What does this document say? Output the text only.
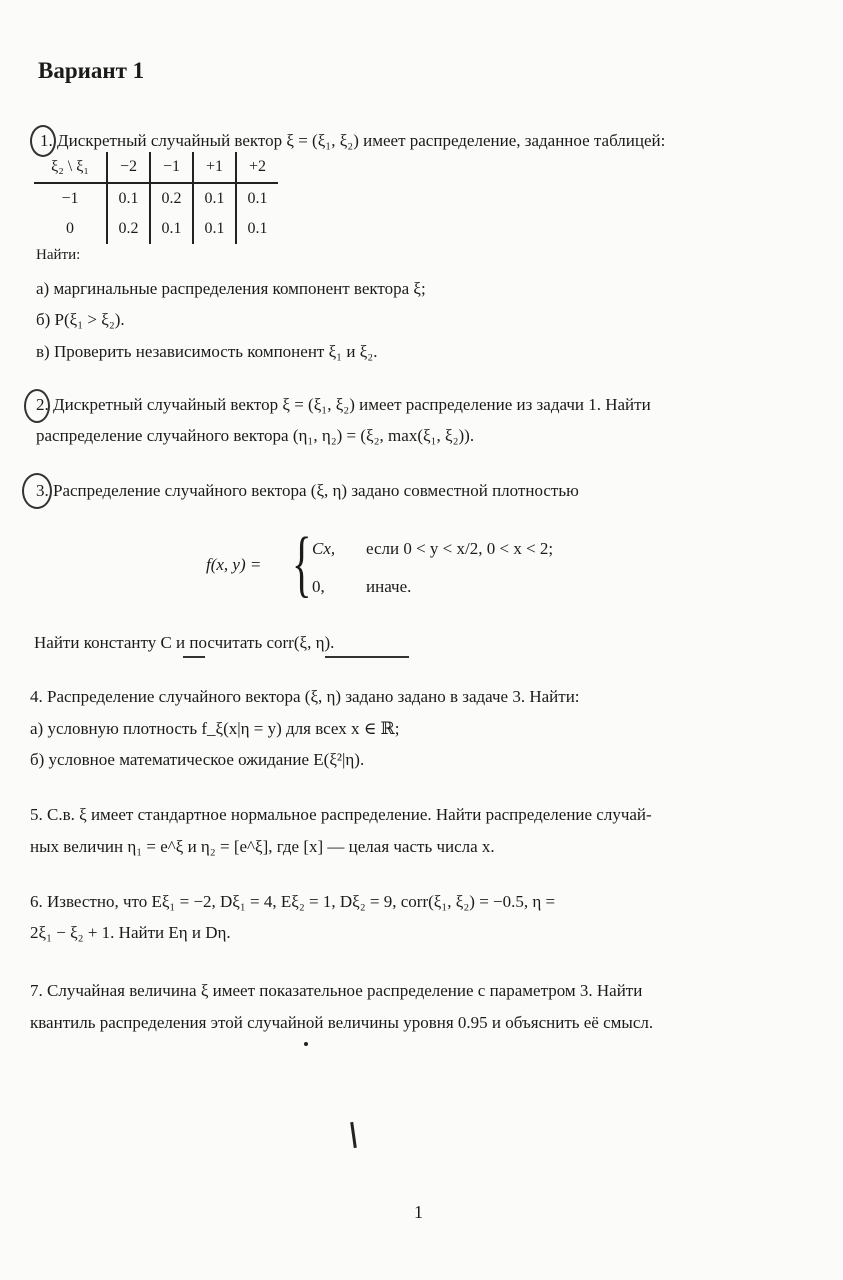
Вариант 1
1. Дискретный случайный вектор ξ = (ξ₁, ξ₂) имеет распределение, заданное таблицей:
ξ₂ \ ξ₁	−2	−1	+1	+2
−1	0.1	0.2	0.1	0.1
0	0.2	0.1	0.1	0.1
Найти:
а) маргинальные распределения компонент вектора ξ;
б) P(ξ₁ > ξ₂).
в) Проверить независимость компонент ξ₁ и ξ₂.
2. Дискретный случайный вектор ξ = (ξ₁, ξ₂) имеет распределение из задачи 1. Найти
распределение случайного вектора (η₁, η₂) = (ξ₂, max(ξ₁, ξ₂)).
3. Распределение случайного вектора (ξ, η) задано совместной плотностью
f(x, y) = { Cx, если 0 < y < x/2, 0 < x < 2;
0, иначе.
Найти константу C и посчитать corr(ξ, η).
4. Распределение случайного вектора (ξ, η) задано задано в задаче 3. Найти:
а) условную плотность f_ξ(x|η = y) для всех x ∈ ℝ;
б) условное математическое ожидание E(ξ²|η).
5. С.в. ξ имеет стандартное нормальное распределение. Найти распределение случай-
ных величин η₁ = e^ξ и η₂ = [e^ξ], где [x] — целая часть числа x.
6. Известно, что Eξ₁ = −2, Dξ₁ = 4, Eξ₂ = 1, Dξ₂ = 9, corr(ξ₁, ξ₂) = −0.5, η =
2ξ₁ − ξ₂ + 1. Найти Eη и Dη.
7. Случайная величина ξ имеет показательное распределение с параметром 3. Найти
квантиль распределения этой случайной величины уровня 0.95 и объяснить её смысл.
1
